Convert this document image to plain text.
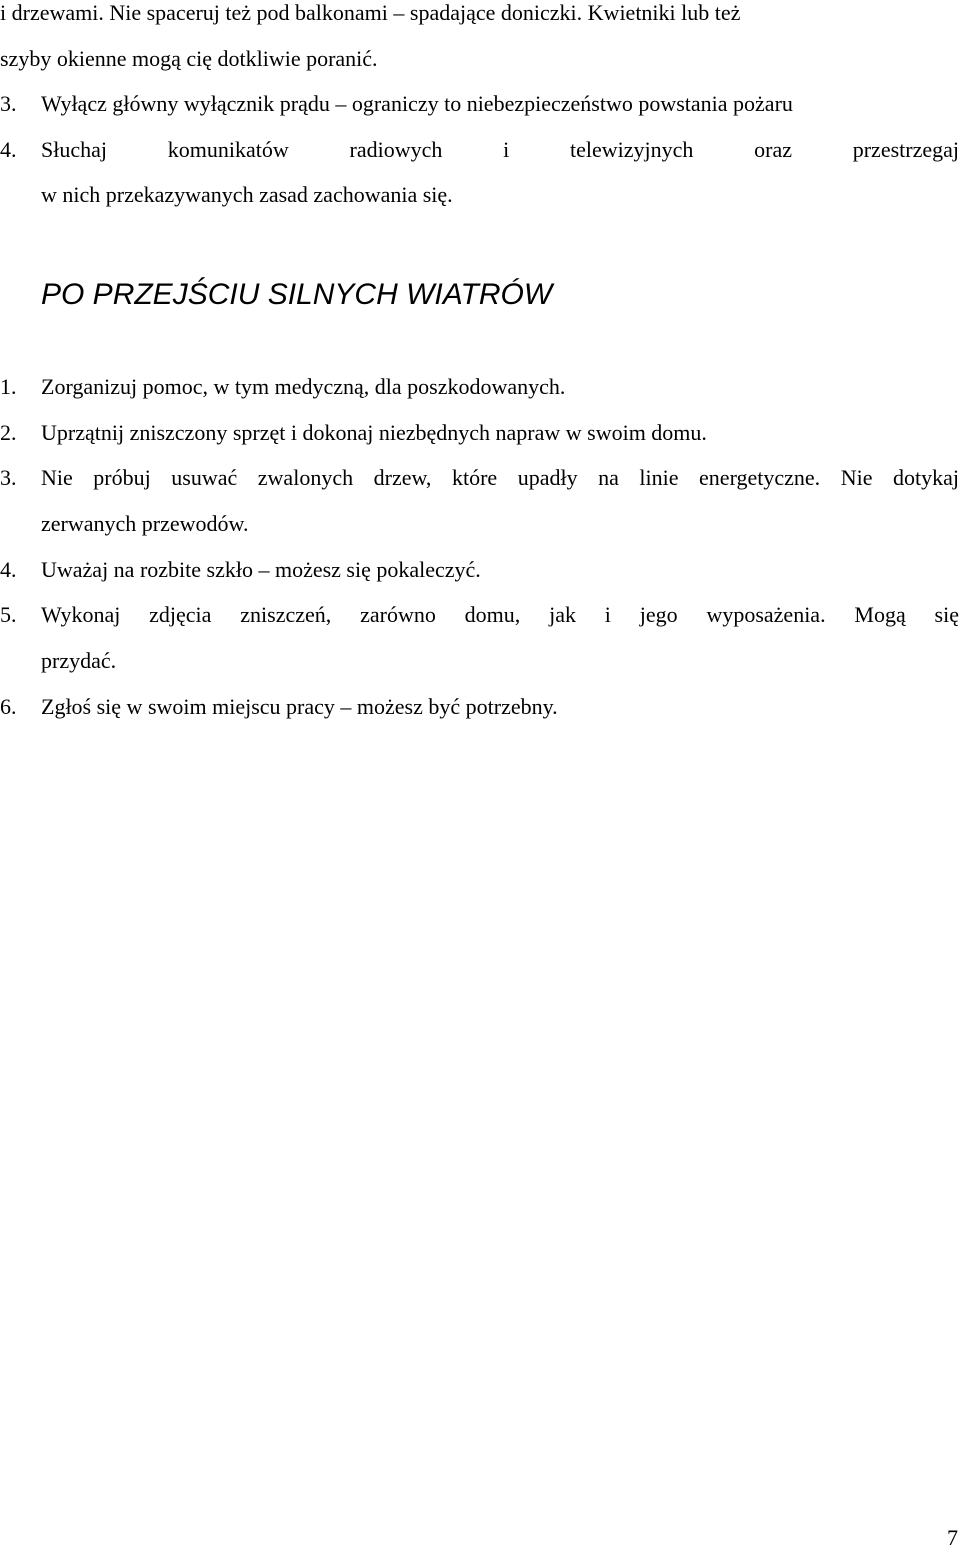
i drzewami. Nie spaceruj też pod balkonami – spadające doniczki. Kwietniki lub też
szyby okienne mogą cię dotkliwie poranić.
3. Wyłącz główny wyłącznik prądu – ograniczy to niebezpieczeństwo powstania pożaru
4. Słuchaj komunikatów radiowych i telewizyjnych oraz przestrzegaj
w nich przekazywanych zasad zachowania się.
PO PRZEJŚCIU SILNYCH WIATRÓW
1. Zorganizuj pomoc, w tym medyczną, dla poszkodowanych.
2. Uprzątnij zniszczony sprzęt i dokonaj niezbędnych napraw w swoim domu.
3. Nie próbuj usuwać zwalonych drzew, które upadły na linie energetyczne. Nie dotykaj
zerwanych przewodów.
4. Uważaj na rozbite szkło – możesz się pokaleczyć.
5. Wykonaj zdjęcia zniszczeń, zarówno domu, jak i jego wyposażenia. Mogą się
przydać.
6. Zgłoś się w swoim miejscu pracy – możesz być potrzebny.
7
